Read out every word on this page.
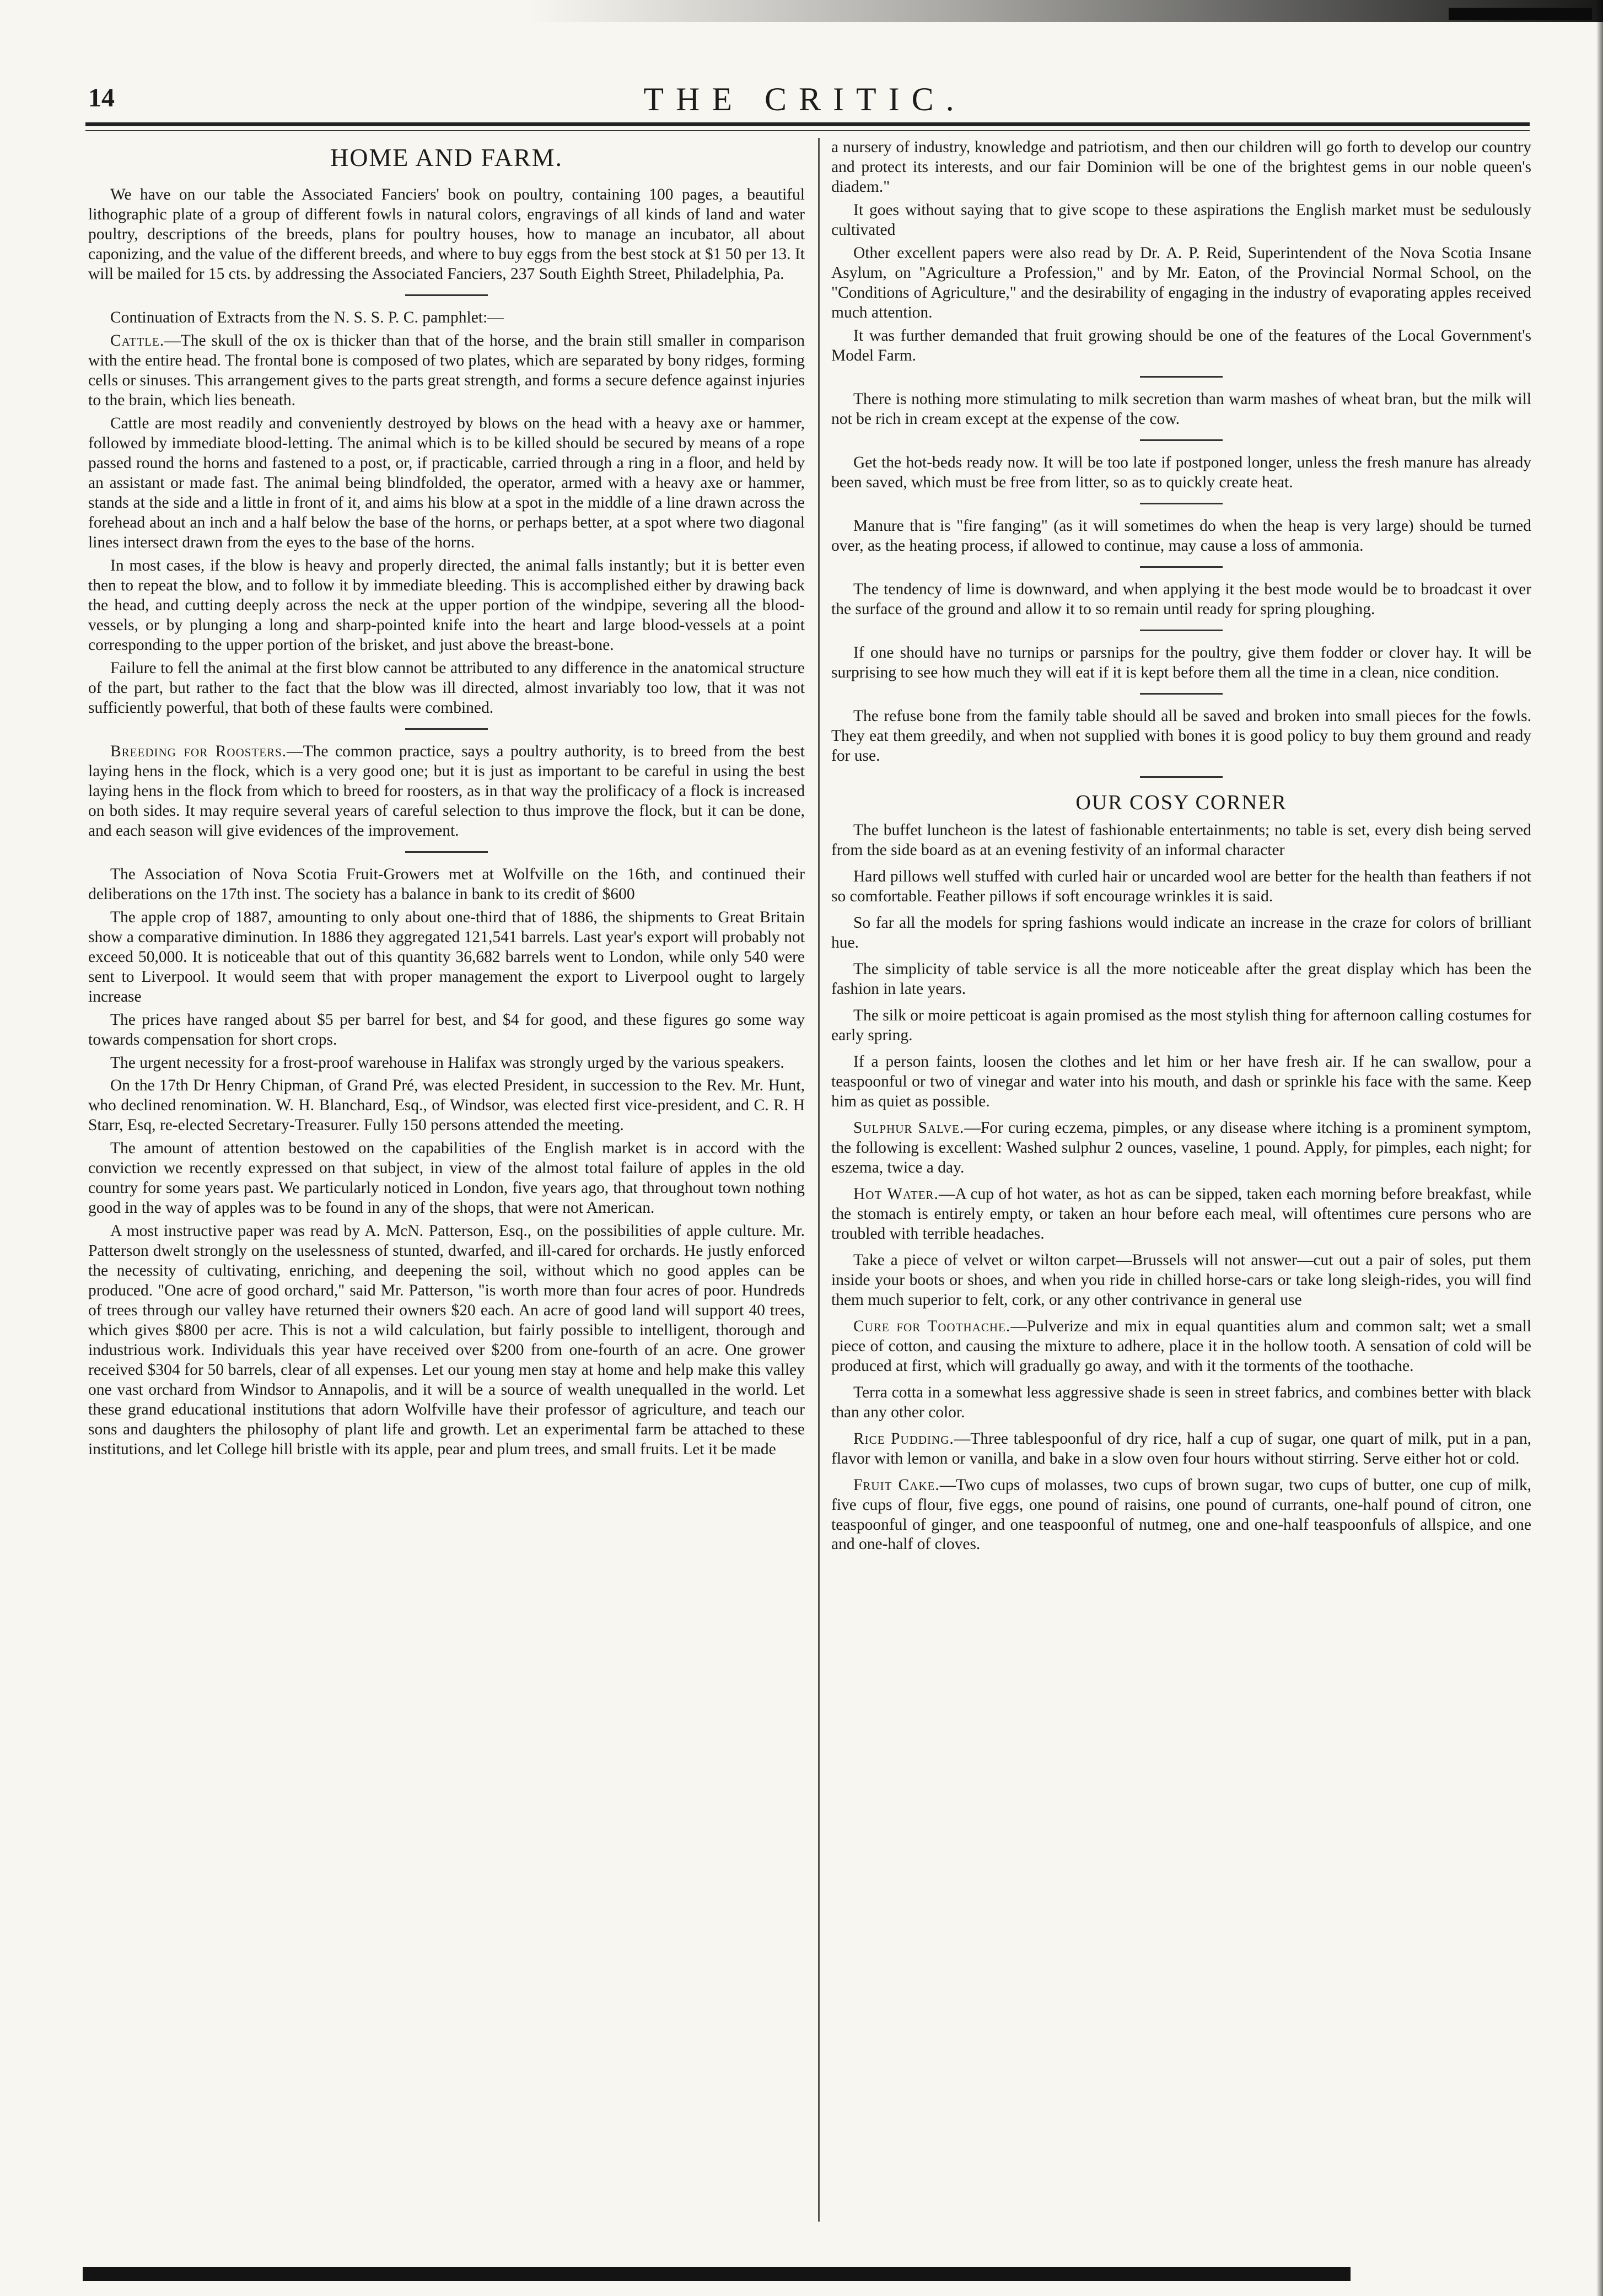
14	THE CRITIC.
HOME AND FARM.

We have on our table the Associated Fanciers' book on poultry, containing 100 pages, a beautiful lithographic plate of a group of different fowls in natural colors, engravings of all kinds of land and water poultry, descriptions of the breeds, plans for poultry houses, how to manage an incubator, all about caponizing, and the value of the different breeds, and where to buy eggs from the best stock at $1 50 per 13. It will be mailed for 15 cts. by addressing the Associated Fanciers, 237 South Eighth Street, Philadelphia, Pa.

Continuation of Extracts from the N. S. S. P. C. pamphlet:—

Cattle.—The skull of the ox is thicker than that of the horse, and the brain still smaller in comparison with the entire head. The frontal bone is composed of two plates, which are separated by bony ridges, forming cells or sinuses. This arrangement gives to the parts great strength, and forms a secure defence against injuries to the brain, which lies beneath.

Cattle are most readily and conveniently destroyed by blows on the head with a heavy axe or hammer, followed by immediate blood-letting. The animal which is to be killed should be secured by means of a rope passed round the horns and fastened to a post, or, if practicable, carried through a ring in a floor, and held by an assistant or made fast. The animal being blindfolded, the operator, armed with a heavy axe or hammer, stands at the side and a little in front of it, and aims his blow at a spot in the middle of a line drawn across the forehead about an inch and a half below the base of the horns, or perhaps better, at a spot where two diagonal lines intersect drawn from the eyes to the base of the horns.

In most cases, if the blow is heavy and properly directed, the animal falls instantly; but it is better even then to repeat the blow, and to follow it by immediate bleeding. This is accomplished either by drawing back the head, and cutting deeply across the neck at the upper portion of the windpipe, severing all the blood-vessels, or by plunging a long and sharp-pointed knife into the heart and large blood-vessels at a point corresponding to the upper portion of the brisket, and just above the breast-bone.

Failure to fell the animal at the first blow cannot be attributed to any difference in the anatomical structure of the part, but rather to the fact that the blow was ill directed, almost invariably too low, that it was not sufficiently powerful, that both of these faults were combined.

Breeding for Roosters.—The common practice, says a poultry authority, is to breed from the best laying hens in the flock, which is a very good one; but it is just as important to be careful in using the best laying hens in the flock from which to breed for roosters, as in that way the prolificacy of a flock is increased on both sides. It may require several years of careful selection to thus improve the flock, but it can be done, and each season will give evidences of the improvement.

The Association of Nova Scotia Fruit-Growers met at Wolfville on the 16th, and continued their deliberations on the 17th inst. The society has a balance in bank to its credit of $600

The apple crop of 1887, amounting to only about one-third that of 1886, the shipments to Great Britain show a comparative diminution. In 1886 they aggregated 121,541 barrels. Last year's export will probably not exceed 50,000. It is noticeable that out of this quantity 36,682 barrels went to London, while only 540 were sent to Liverpool. It would seem that with proper management the export to Liverpool ought to largely increase

The prices have ranged about $5 per barrel for best, and $4 for good, and these figures go some way towards compensation for short crops.

The urgent necessity for a frost-proof warehouse in Halifax was strongly urged by the various speakers.

On the 17th Dr Henry Chipman, of Grand Pré, was elected President, in succession to the Rev. Mr. Hunt, who declined renomination. W. H. Blanchard, Esq., of Windsor, was elected first vice-president, and C. R. H Starr, Esq, re-elected Secretary-Treasurer. Fully 150 persons attended the meeting.

The amount of attention bestowed on the capabilities of the English market is in accord with the conviction we recently expressed on that subject, in view of the almost total failure of apples in the old country for some years past. We particularly noticed in London, five years ago, that throughout town nothing good in the way of apples was to be found in any of the shops, that were not American.

A most instructive paper was read by A. McN. Patterson, Esq., on the possibilities of apple culture. Mr. Patterson dwelt strongly on the uselessness of stunted, dwarfed, and ill-cared for orchards. He justly enforced the necessity of cultivating, enriching, and deepening the soil, without which no good apples can be produced. "One acre of good orchard," said Mr. Patterson, "is worth more than four acres of poor. Hundreds of trees through our valley have returned their owners $20 each. An acre of good land will support 40 trees, which gives $800 per acre. This is not a wild calculation, but fairly possible to intelligent, thorough and industrious work. Individuals this year have received over $200 from one-fourth of an acre. One grower received $304 for 50 barrels, clear of all expenses. Let our young men stay at home and help make this valley one vast orchard from Windsor to Annapolis, and it will be a source of wealth unequalled in the world. Let these grand educational institutions that adorn Wolfville have their professor of agriculture, and teach our sons and daughters the philosophy of plant life and growth. Let an experimental farm be attached to these institutions, and let College hill bristle with its apple, pear and plum trees, and small fruits. Let it be made

a nursery of industry, knowledge and patriotism, and then our children will go forth to develop our country and protect its interests, and our fair Dominion will be one of the brightest gems in our noble queen's diadem."

It goes without saying that to give scope to these aspirations the English market must be sedulously cultivated

Other excellent papers were also read by Dr. A. P. Reid, Superintendent of the Nova Scotia Insane Asylum, on "Agriculture a Profession," and by Mr. Eaton, of the Provincial Normal School, on the "Conditions of Agriculture," and the desirability of engaging in the industry of evaporating apples received much attention.

It was further demanded that fruit growing should be one of the features of the Local Government's Model Farm.

There is nothing more stimulating to milk secretion than warm mashes of wheat bran, but the milk will not be rich in cream except at the expense of the cow.

Get the hot-beds ready now. It will be too late if postponed longer, unless the fresh manure has already been saved, which must be free from litter, so as to quickly create heat.

Manure that is "fire fanging" (as it will sometimes do when the heap is very large) should be turned over, as the heating process, if allowed to continue, may cause a loss of ammonia.

The tendency of lime is downward, and when applying it the best mode would be to broadcast it over the surface of the ground and allow it to so remain until ready for spring ploughing.

If one should have no turnips or parsnips for the poultry, give them fodder or clover hay. It will be surprising to see how much they will eat if it is kept before them all the time in a clean, nice condition.

The refuse bone from the family table should all be saved and broken into small pieces for the fowls. They eat them greedily, and when not supplied with bones it is good policy to buy them ground and ready for use.

OUR COSY CORNER

The buffet luncheon is the latest of fashionable entertainments; no table is set, every dish being served from the side board as at an evening festivity of an informal character

Hard pillows well stuffed with curled hair or uncarded wool are better for the health than feathers if not so comfortable. Feather pillows if soft encourage wrinkles it is said.

So far all the models for spring fashions would indicate an increase in the craze for colors of brilliant hue.

The simplicity of table service is all the more noticeable after the great display which has been the fashion in late years.

The silk or moire petticoat is again promised as the most stylish thing for afternoon calling costumes for early spring.

If a person faints, loosen the clothes and let him or her have fresh air. If he can swallow, pour a teaspoonful or two of vinegar and water into his mouth, and dash or sprinkle his face with the same. Keep him as quiet as possible.

Sulphur Salve.—For curing eczema, pimples, or any disease where itching is a prominent symptom, the following is excellent: Washed sulphur 2 ounces, vaseline, 1 pound. Apply, for pimples, each night; for eszema, twice a day.

Hot Water.—A cup of hot water, as hot as can be sipped, taken each morning before breakfast, while the stomach is entirely empty, or taken an hour before each meal, will oftentimes cure persons who are troubled with terrible headaches.

Take a piece of velvet or wilton carpet—Brussels will not answer—cut out a pair of soles, put them inside your boots or shoes, and when you ride in chilled horse-cars or take long sleigh-rides, you will find them much superior to felt, cork, or any other contrivance in general use

Cure for Toothache.—Pulverize and mix in equal quantities alum and common salt; wet a small piece of cotton, and causing the mixture to adhere, place it in the hollow tooth. A sensation of cold will be produced at first, which will gradually go away, and with it the torments of the toothache.

Terra cotta in a somewhat less aggressive shade is seen in street fabrics, and combines better with black than any other color.

Rice Pudding.—Three tablespoonful of dry rice, half a cup of sugar, one quart of milk, put in a pan, flavor with lemon or vanilla, and bake in a slow oven four hours without stirring. Serve either hot or cold.

Fruit Cake.—Two cups of molasses, two cups of brown sugar, two cups of butter, one cup of milk, five cups of flour, five eggs, one pound of raisins, one pound of currants, one-half pound of citron, one teaspoonful of ginger, and one teaspoonful of nutmeg, one and one-half teaspoonfuls of allspice, and one and one-half of cloves.
